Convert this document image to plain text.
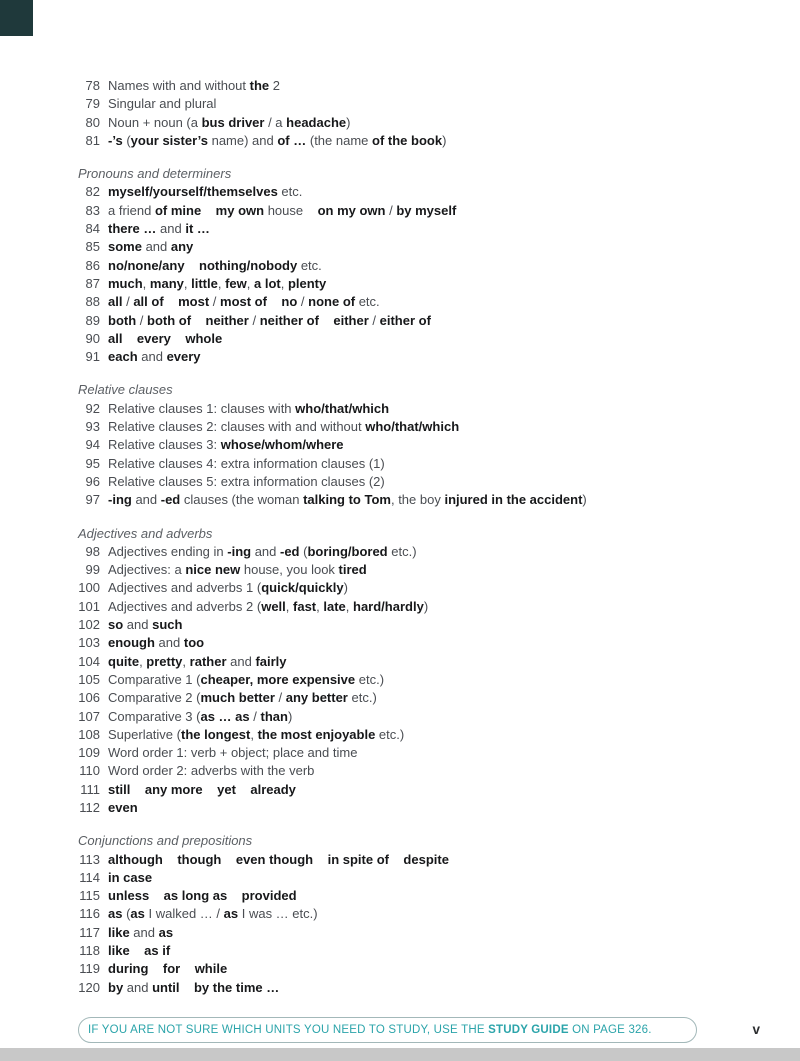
78 Names with and without the 2
79 Singular and plural
80 Noun + noun (a bus driver / a headache)
81 -’s (your sister’s name) and of … (the name of the book)
Pronouns and determiners
82 myself/yourself/themselves etc.
83 a friend of mine my own house on my own / by myself
84 there … and it …
85 some and any
86 no/none/any nothing/nobody etc.
87 much, many, little, few, a lot, plenty
88 all / all of most / most of no / none of etc.
89 both / both of neither / neither of either / either of
90 all every whole
91 each and every
Relative clauses
92 Relative clauses 1: clauses with who/that/which
93 Relative clauses 2: clauses with and without who/that/which
94 Relative clauses 3: whose/whom/where
95 Relative clauses 4: extra information clauses (1)
96 Relative clauses 5: extra information clauses (2)
97 -ing and -ed clauses (the woman talking to Tom, the boy injured in the accident)
Adjectives and adverbs
98 Adjectives ending in -ing and -ed (boring/bored etc.)
99 Adjectives: a nice new house, you look tired
100 Adjectives and adverbs 1 (quick/quickly)
101 Adjectives and adverbs 2 (well, fast, late, hard/hardly)
102 so and such
103 enough and too
104 quite, pretty, rather and fairly
105 Comparative 1 (cheaper, more expensive etc.)
106 Comparative 2 (much better / any better etc.)
107 Comparative 3 (as … as / than)
108 Superlative (the longest, the most enjoyable etc.)
109 Word order 1: verb + object; place and time
110 Word order 2: adverbs with the verb
111 still any more yet already
112 even
Conjunctions and prepositions
113 although though even though in spite of despite
114 in case
115 unless as long as provided
116 as (as I walked … / as I was … etc.)
117 like and as
118 like as if
119 during for while
120 by and until by the time …
IF YOU ARE NOT SURE WHICH UNITS YOU NEED TO STUDY, USE THE STUDY GUIDE ON PAGE 326.	v
